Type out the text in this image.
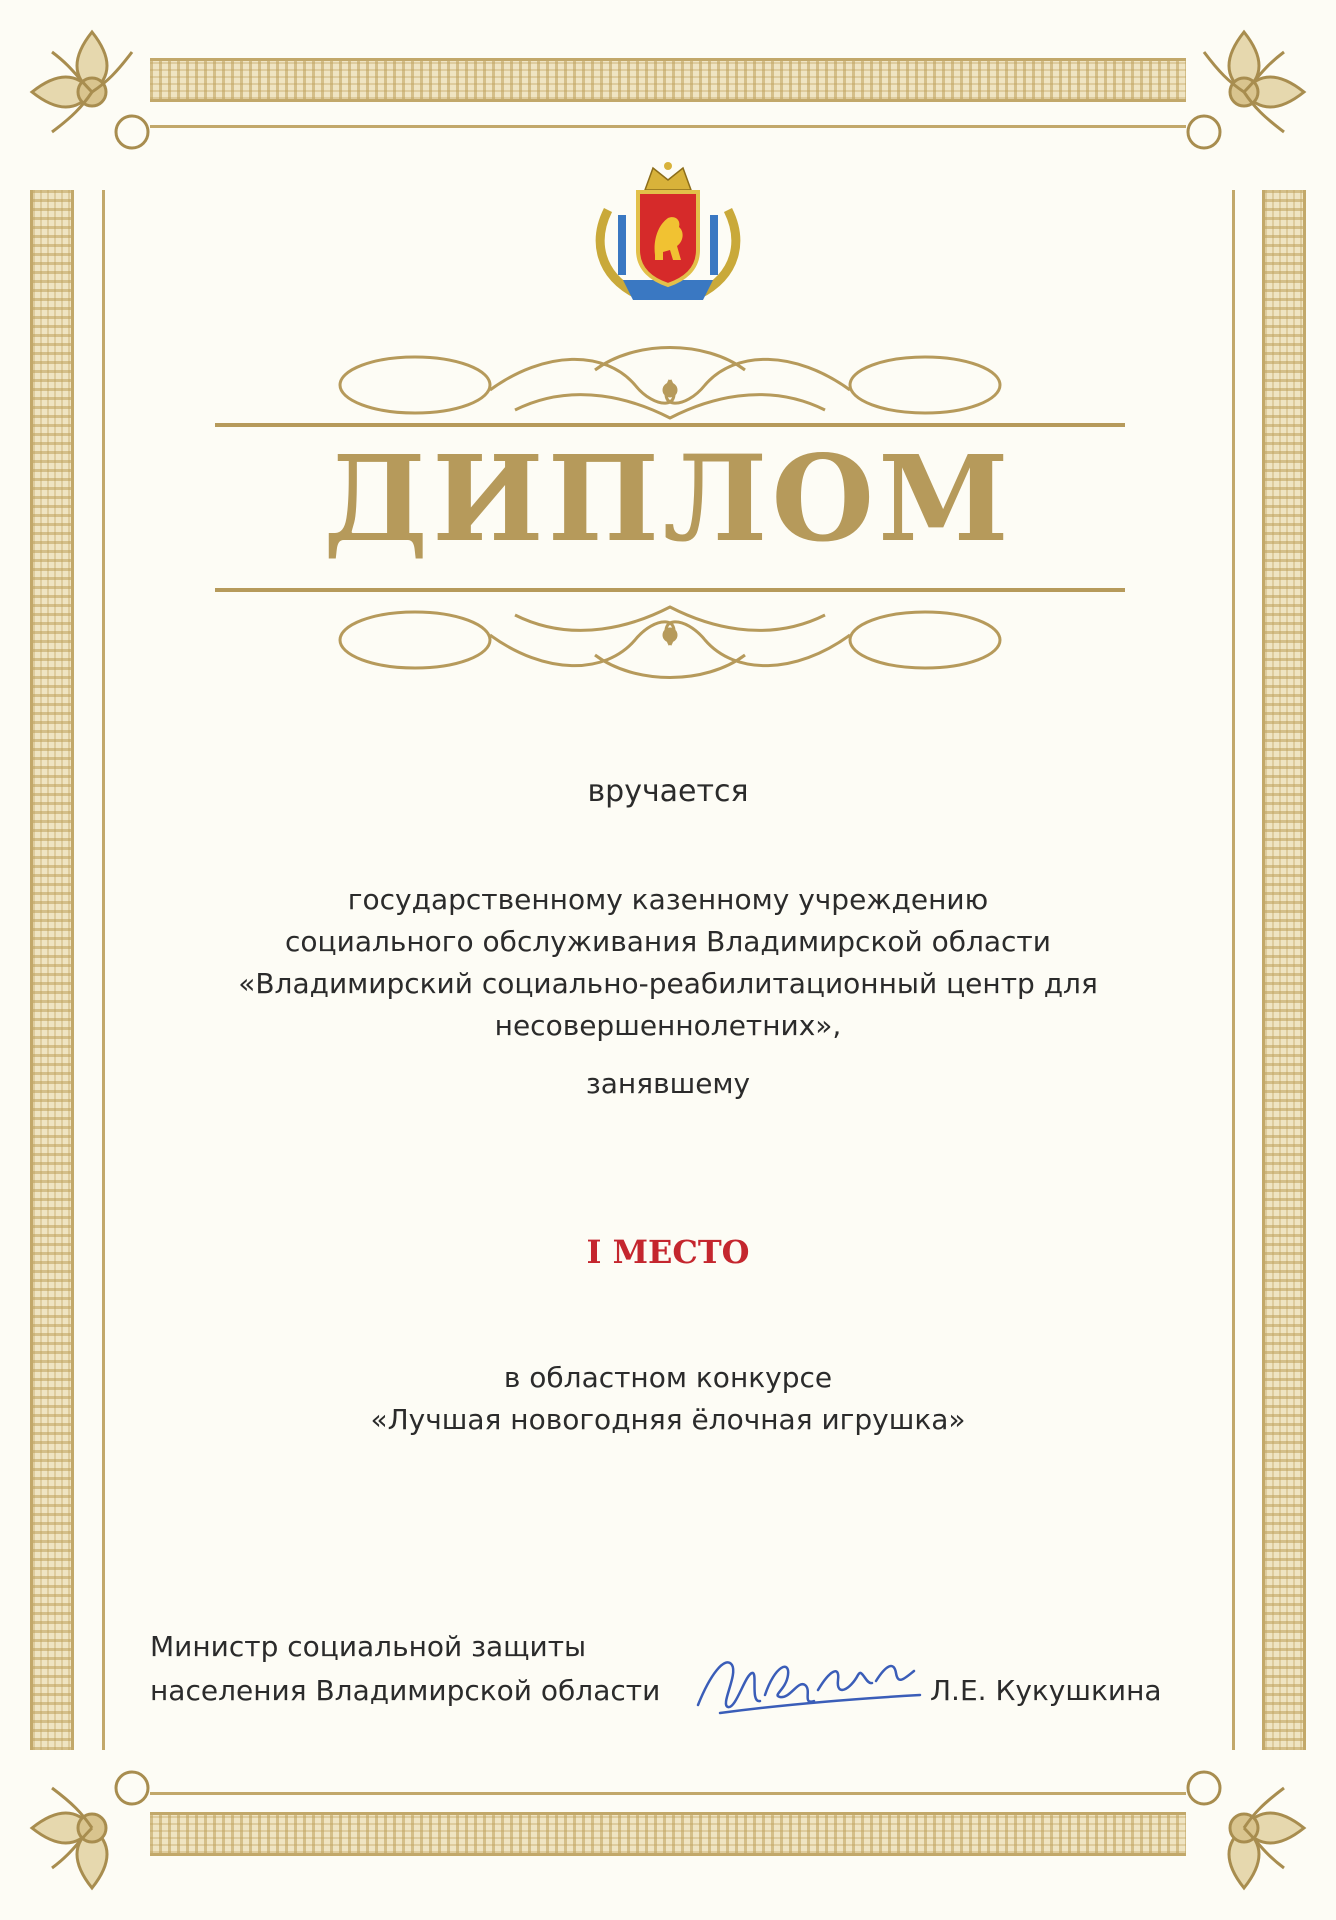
ДИПЛОМ
вручается
государственному казенному учреждению
социального обслуживания Владимирской области
«Владимирский социально-реабилитационный центр для
несовершеннолетних»,
занявшему
I МЕСТО
в областном конкурсе
«Лучшая новогодняя ёлочная игрушка»
Министр социальной защиты
населения Владимирской области	Л.Е. Кукушкина
